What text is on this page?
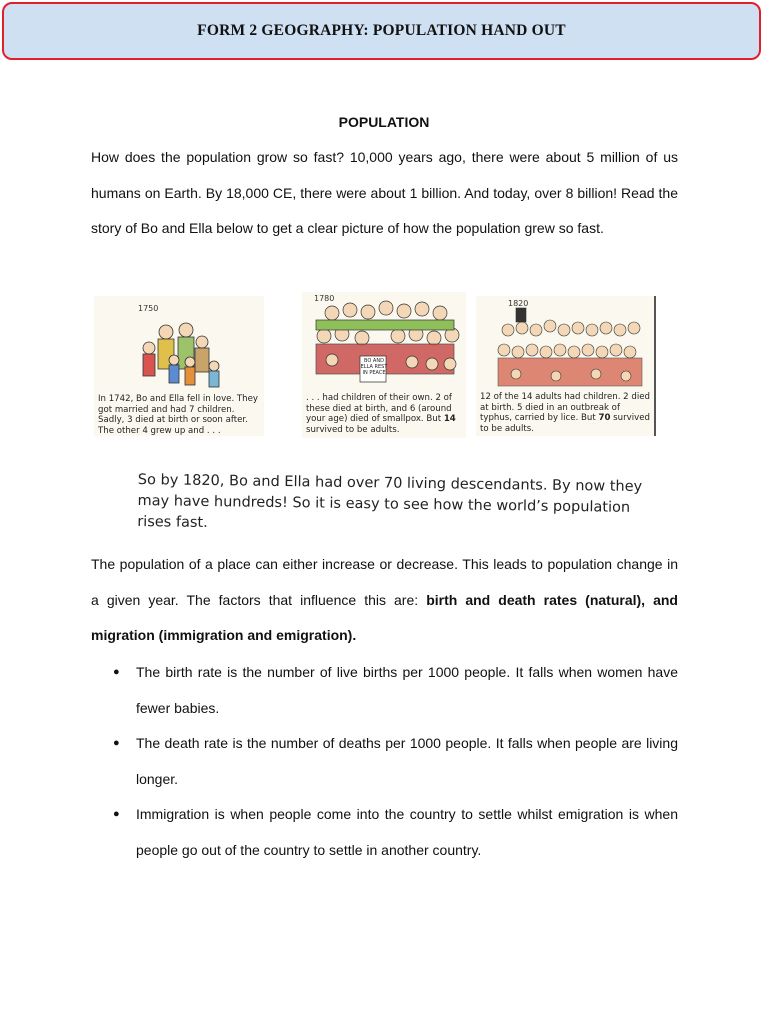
FORM 2 GEOGRAPHY: POPULATION HAND OUT
POPULATION
How does the population grow so fast? 10,000 years ago, there were about 5 million of us humans on Earth. By 18,000 CE, there were about 1 billion. And today, over 8 billion! Read the story of Bo and Ella below to get a clear picture of how the population grew so fast.
1750
In 1742, Bo and Ella fell in love. They got married and had 7 children. Sadly, 3 died at birth or soon after. The other 4 grew up and . . .
1780
BO AND ELLA REST IN PEACE
. . . had children of their own. 2 of these died at birth, and 6 (around your age) died of smallpox. But 14 survived to be adults.
1820
12 of the 14 adults had children. 2 died at birth. 5 died in an outbreak of typhus, carried by lice. But 70 survived to be adults.
So by 1820, Bo and Ella had over 70 living descendants. By now they may have hundreds! So it is easy to see how the world’s population rises fast.
The population of a place can either increase or decrease. This leads to population change in a given year. The factors that influence this are: birth and death rates (natural), and migration (immigration and emigration).
● The birth rate is the number of live births per 1000 people. It falls when women have fewer babies.
● The death rate is the number of deaths per 1000 people. It falls when people are living longer.
● Immigration is when people come into the country to settle whilst emigration is when people go out of the country to settle in another country.
